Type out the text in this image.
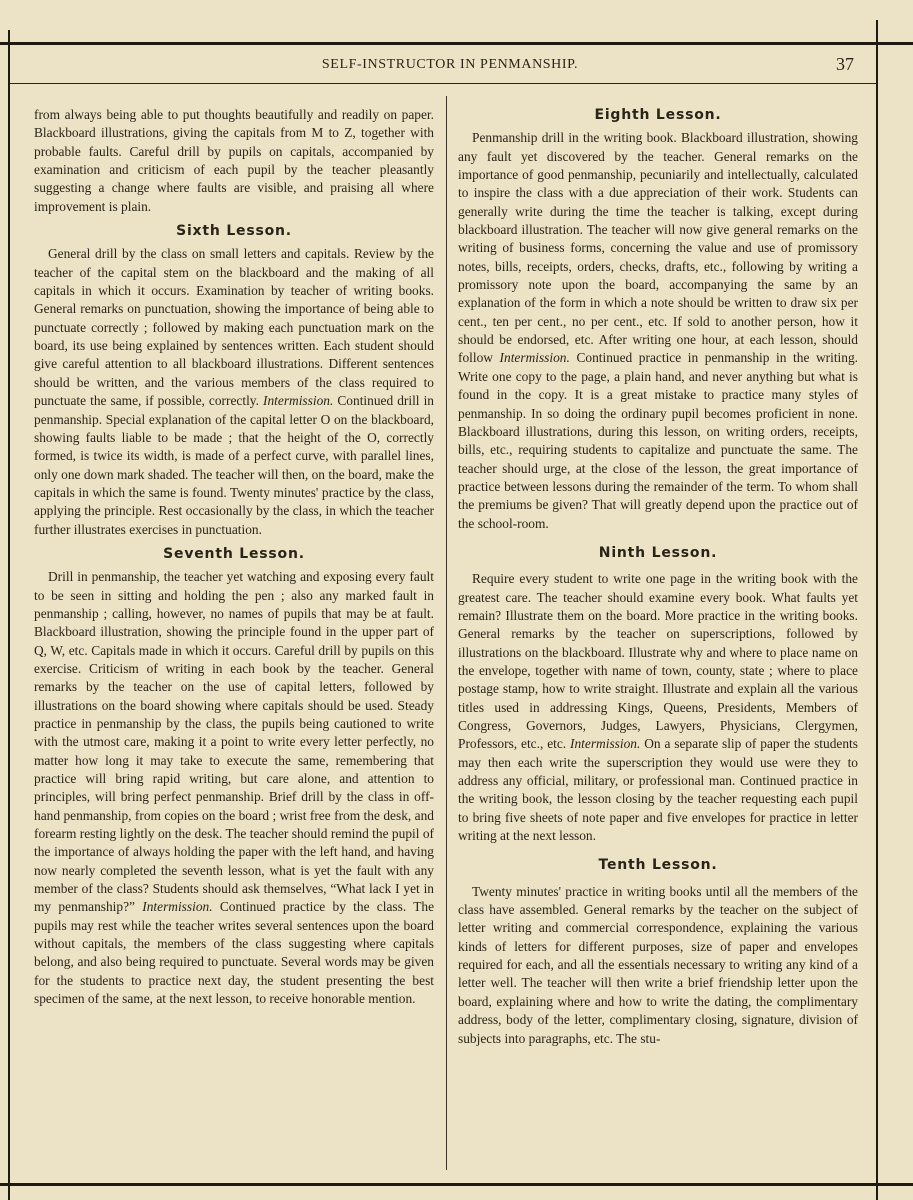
SELF-INSTRUCTOR IN PENMANSHIP.	37

from always being able to put thoughts beautifully and readily on paper. Blackboard illustrations, giving the capitals from M to Z, together with probable faults. Careful drill by pupils on capitals, accompanied by examination and criticism of each pupil by the teacher pleasantly suggesting a change where faults are visible, and praising all where improvement is plain.

Sixth Lesson.

General drill by the class on small letters and capitals. Review by the teacher of the capital stem on the blackboard and the making of all capitals in which it occurs. Examination by teacher of writing books. General remarks on punctuation, showing the importance of being able to punctuate correctly ; followed by making each punctuation mark on the board, its use being explained by sentences written. Each student should give careful attention to all blackboard illustrations. Different sentences should be written, and the various members of the class required to punctuate the same, if possible, correctly. Intermission. Continued drill in penmanship. Special explanation of the capital letter O on the blackboard, showing faults liable to be made ; that the height of the O, correctly formed, is twice its width, is made of a perfect curve, with parallel lines, only one down mark shaded. The teacher will then, on the board, make the capitals in which the same is found. Twenty minutes' practice by the class, applying the principle. Rest occasionally by the class, in which the teacher further illustrates exercises in punctuation.

Seventh Lesson.

Drill in penmanship, the teacher yet watching and exposing every fault to be seen in sitting and holding the pen ; also any marked fault in penmanship ; calling, however, no names of pupils that may be at fault. Blackboard illustration, showing the principle found in the upper part of Q, W, etc. Capitals made in which it occurs. Careful drill by pupils on this exercise. Criticism of writing in each book by the teacher. General remarks by the teacher on the use of capital letters, followed by illustrations on the board showing where capitals should be used. Steady practice in penmanship by the class, the pupils being cautioned to write with the utmost care, making it a point to write every letter perfectly, no matter how long it may take to execute the same, remembering that practice will bring rapid writing, but care alone, and attention to principles, will bring perfect penmanship. Brief drill by the class in off-hand penmanship, from copies on the board ; wrist free from the desk, and forearm resting lightly on the desk. The teacher should remind the pupil of the importance of always holding the paper with the left hand, and having now nearly completed the seventh lesson, what is yet the fault with any member of the class? Students should ask themselves, “What lack I yet in my penmanship?” Intermission. Continued practice by the class. The pupils may rest while the teacher writes several sentences upon the board without capitals, the members of the class suggesting where capitals belong, and also being required to punctuate. Several words may be given for the students to practice next day, the student presenting the best specimen of the same, at the next lesson, to receive honorable mention.

Eighth Lesson.

Penmanship drill in the writing book. Blackboard illustration, showing any fault yet discovered by the teacher. General remarks on the importance of good penmanship, pecuniarily and intellectually, calculated to inspire the class with a due appreciation of their work. Students can generally write during the time the teacher is talking, except during blackboard illustration. The teacher will now give general remarks on the writing of business forms, concerning the value and use of promissory notes, bills, receipts, orders, checks, drafts, etc., following by writing a promissory note upon the board, accompanying the same by an explanation of the form in which a note should be written to draw six per cent., ten per cent., no per cent., etc. If sold to another person, how it should be endorsed, etc. After writing one hour, at each lesson, should follow Intermission. Continued practice in penmanship in the writing. Write one copy to the page, a plain hand, and never anything but what is found in the copy. It is a great mistake to practice many styles of penmanship. In so doing the ordinary pupil becomes proficient in none. Blackboard illustrations, during this lesson, on writing orders, receipts, bills, etc., requiring students to capitalize and punctuate the same. The teacher should urge, at the close of the lesson, the great importance of practice between lessons during the remainder of the term. To whom shall the premiums be given? That will greatly depend upon the practice out of the school-room.

Ninth Lesson.

Require every student to write one page in the writing book with the greatest care. The teacher should examine every book. What faults yet remain? Illustrate them on the board. More practice in the writing books. General remarks by the teacher on superscriptions, followed by illustrations on the blackboard. Illustrate why and where to place name on the envelope, together with name of town, county, state ; where to place postage stamp, how to write straight. Illustrate and explain all the various titles used in addressing Kings, Queens, Presidents, Members of Congress, Governors, Judges, Lawyers, Physicians, Clergymen, Professors, etc., etc. Intermission. On a separate slip of paper the students may then each write the superscription they would use were they to address any official, military, or professional man. Continued practice in the writing book, the lesson closing by the teacher requesting each pupil to bring five sheets of note paper and five envelopes for practice in letter writing at the next lesson.

Tenth Lesson.

Twenty minutes' practice in writing books until all the members of the class have assembled. General remarks by the teacher on the subject of letter writing and commercial correspondence, explaining the various kinds of letters for different purposes, size of paper and envelopes required for each, and all the essentials necessary to writing any kind of a letter well. The teacher will then write a brief friendship letter upon the board, explaining where and how to write the dating, the complimentary address, body of the letter, complimentary closing, signature, division of subjects into paragraphs, etc. The stu-
